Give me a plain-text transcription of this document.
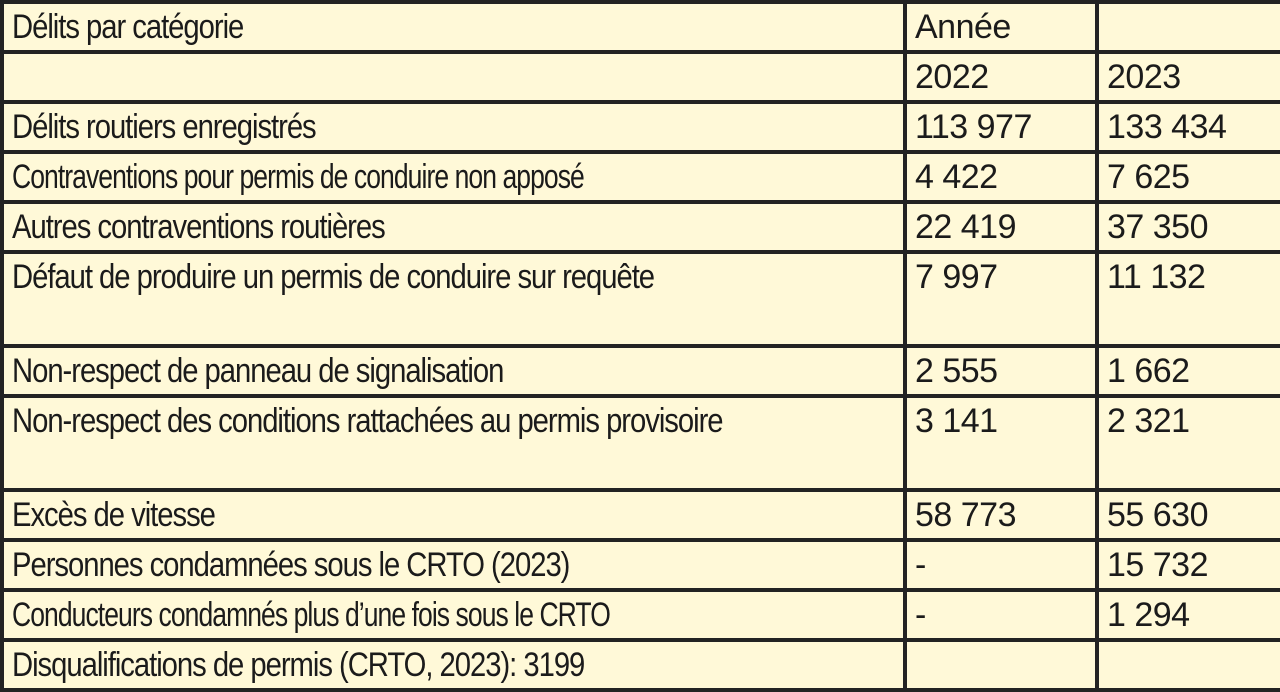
Délits par catégorie	Année	
	2022	2023
Délits routiers enregistrés	113 977	133 434
Contraventions pour permis de conduire non apposé	4 422	7 625
Autres contraventions routières	22 419	37 350
Défaut de produire un permis de conduire sur requête	7 997	11 132
Non-respect de panneau de signalisation	2 555	1 662
Non-respect des conditions rattachées au permis provisoire	3 141	2 321
Excès de vitesse	58 773	55 630
Personnes condamnées sous le CRTO (2023)	-	15 732
Conducteurs condamnés plus d’une fois sous le CRTO	-	1 294
Disqualifications de permis (CRTO, 2023): 3199		
